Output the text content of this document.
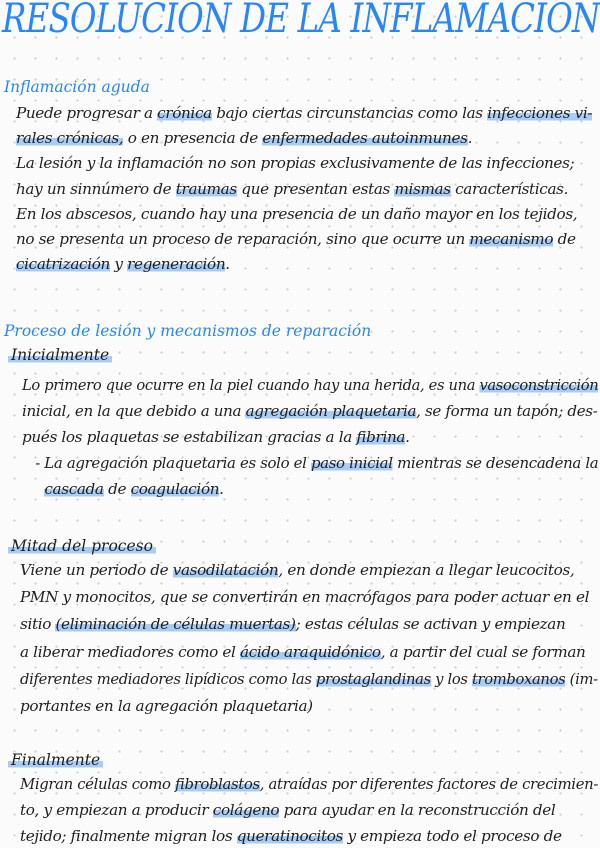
RESOLUCION DE LA INFLAMACION
Inflamación aguda
Puede progresar a crónica bajo ciertas circunstancias como las infecciones vi-
rales crónicas, o en presencia de enfermedades autoinmunes.
La lesión y la inflamación no son propias exclusivamente de las infecciones;
hay un sinnúmero de traumas que presentan estas mismas características.
En los abscesos, cuando hay una presencia de un daño mayor en los tejidos,
no se presenta un proceso de reparación, sino que ocurre un mecanismo de
cicatrización y regeneración.
Proceso de lesión y mecanismos de reparación
Inicialmente
Lo primero que ocurre en la piel cuando hay una herida, es una vasoconstricción
inicial, en la que debido a una agregación plaquetaria, se forma un tapón; des-
pués los plaquetas se estabilizan gracias a la fibrina.
- La agregación plaquetaria es solo el paso inicial mientras se desencadena la
cascada de coagulación.
Mitad del proceso
Viene un periodo de vasodilatación, en donde empiezan a llegar leucocitos,
PMN y monocitos, que se convertirán en macrófagos para poder actuar en el
sitio (eliminación de células muertas); estas células se activan y empiezan
a liberar mediadores como el ácido araquidónico, a partir del cual se forman
diferentes mediadores lipídicos como las prostaglandinas y los tromboxanos (im-
portantes en la agregación plaquetaria)
Finalmente
Migran células como fibroblastos, atraídas por diferentes factores de crecimien-
to, y empiezan a producir colágeno para ayudar en la reconstrucción del
tejido; finalmente migran los queratinocitos y empieza todo el proceso de
